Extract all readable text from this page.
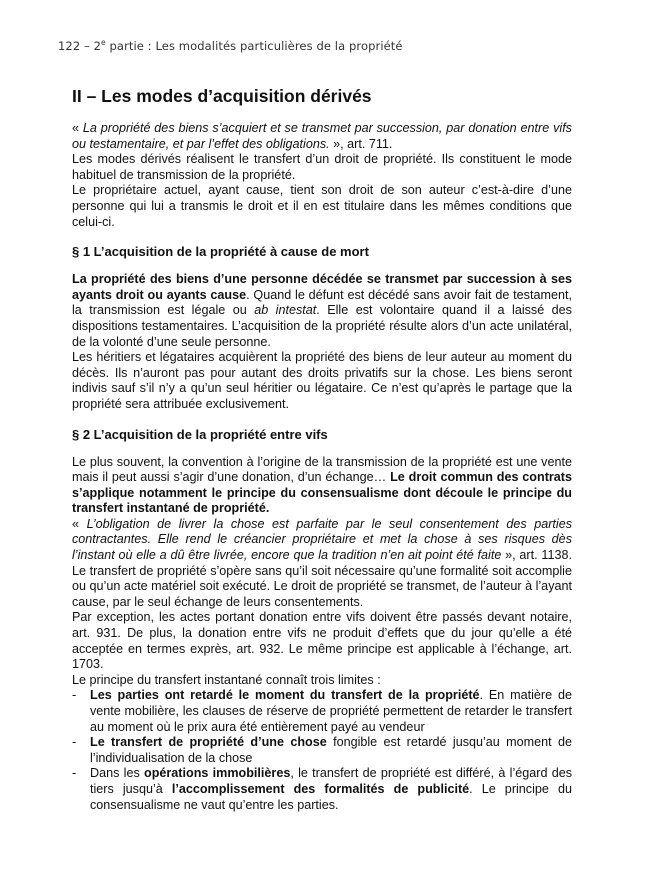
122 – 2e partie : Les modalités particulières de la propriété
II – Les modes d’acquisition dérivés

« La propriété des biens s’acquiert et se transmet par succession, par donation entre vifs ou testamentaire, et par l’effet des obligations. », art. 711.

Les modes dérivés réalisent le transfert d’un droit de propriété. Ils constituent le mode habituel de transmission de la propriété.

Le propriétaire actuel, ayant cause, tient son droit de son auteur c’est-à-dire d’une personne qui lui a transmis le droit et il en est titulaire dans les mêmes conditions que celui-ci.

§ 1 L’acquisition de la propriété à cause de mort

La propriété des biens d’une personne décédée se transmet par succession à ses ayants droit ou ayants cause. Quand le défunt est décédé sans avoir fait de testament, la transmission est légale ou ab intestat. Elle est volontaire quand il a laissé des dispositions testamentaires. L’acquisition de la propriété résulte alors d’un acte unilatéral, de la volonté d’une seule personne.

Les héritiers et légataires acquièrent la propriété des biens de leur auteur au moment du décès. Ils n’auront pas pour autant des droits privatifs sur la chose. Les biens seront indivis sauf s’il n’y a qu’un seul héritier ou légataire. Ce n’est qu’après le partage que la propriété sera attribuée exclusivement.

§ 2 L’acquisition de la propriété entre vifs

Le plus souvent, la convention à l’origine de la transmission de la propriété est une vente mais il peut aussi s’agir d’une donation, d’un échange… Le droit commun des contrats s’applique notamment le principe du consensualisme dont découle le principe du transfert instantané de propriété.

« L’obligation de livrer la chose est parfaite par le seul consentement des parties contractantes. Elle rend le créancier propriétaire et met la chose à ses risques dès l’instant où elle a dû être livrée, encore que la tradition n’en ait point été faite », art. 1138. Le transfert de propriété s’opère sans qu’il soit nécessaire qu’une formalité soit accomplie ou qu’un acte matériel soit exécuté. Le droit de propriété se transmet, de l’auteur à l’ayant cause, par le seul échange de leurs consentements.

Par exception, les actes portant donation entre vifs doivent être passés devant notaire, art. 931. De plus, la donation entre vifs ne produit d’effets que du jour qu’elle a été acceptée en termes exprès, art. 932. Le même principe est applicable à l’échange, art. 1703.

Le principe du transfert instantané connaît trois limites :

- Les parties ont retardé le moment du transfert de la propriété. En matière de vente mobilière, les clauses de réserve de propriété permettent de retarder le transfert au moment où le prix aura été entièrement payé au vendeur
- Le transfert de propriété d’une chose fongible est retardé jusqu’au moment de l’individualisation de la chose
- Dans les opérations immobilières, le transfert de propriété est différé, à l’égard des tiers jusqu’à l’accomplissement des formalités de publicité. Le principe du consensualisme ne vaut qu’entre les parties.
